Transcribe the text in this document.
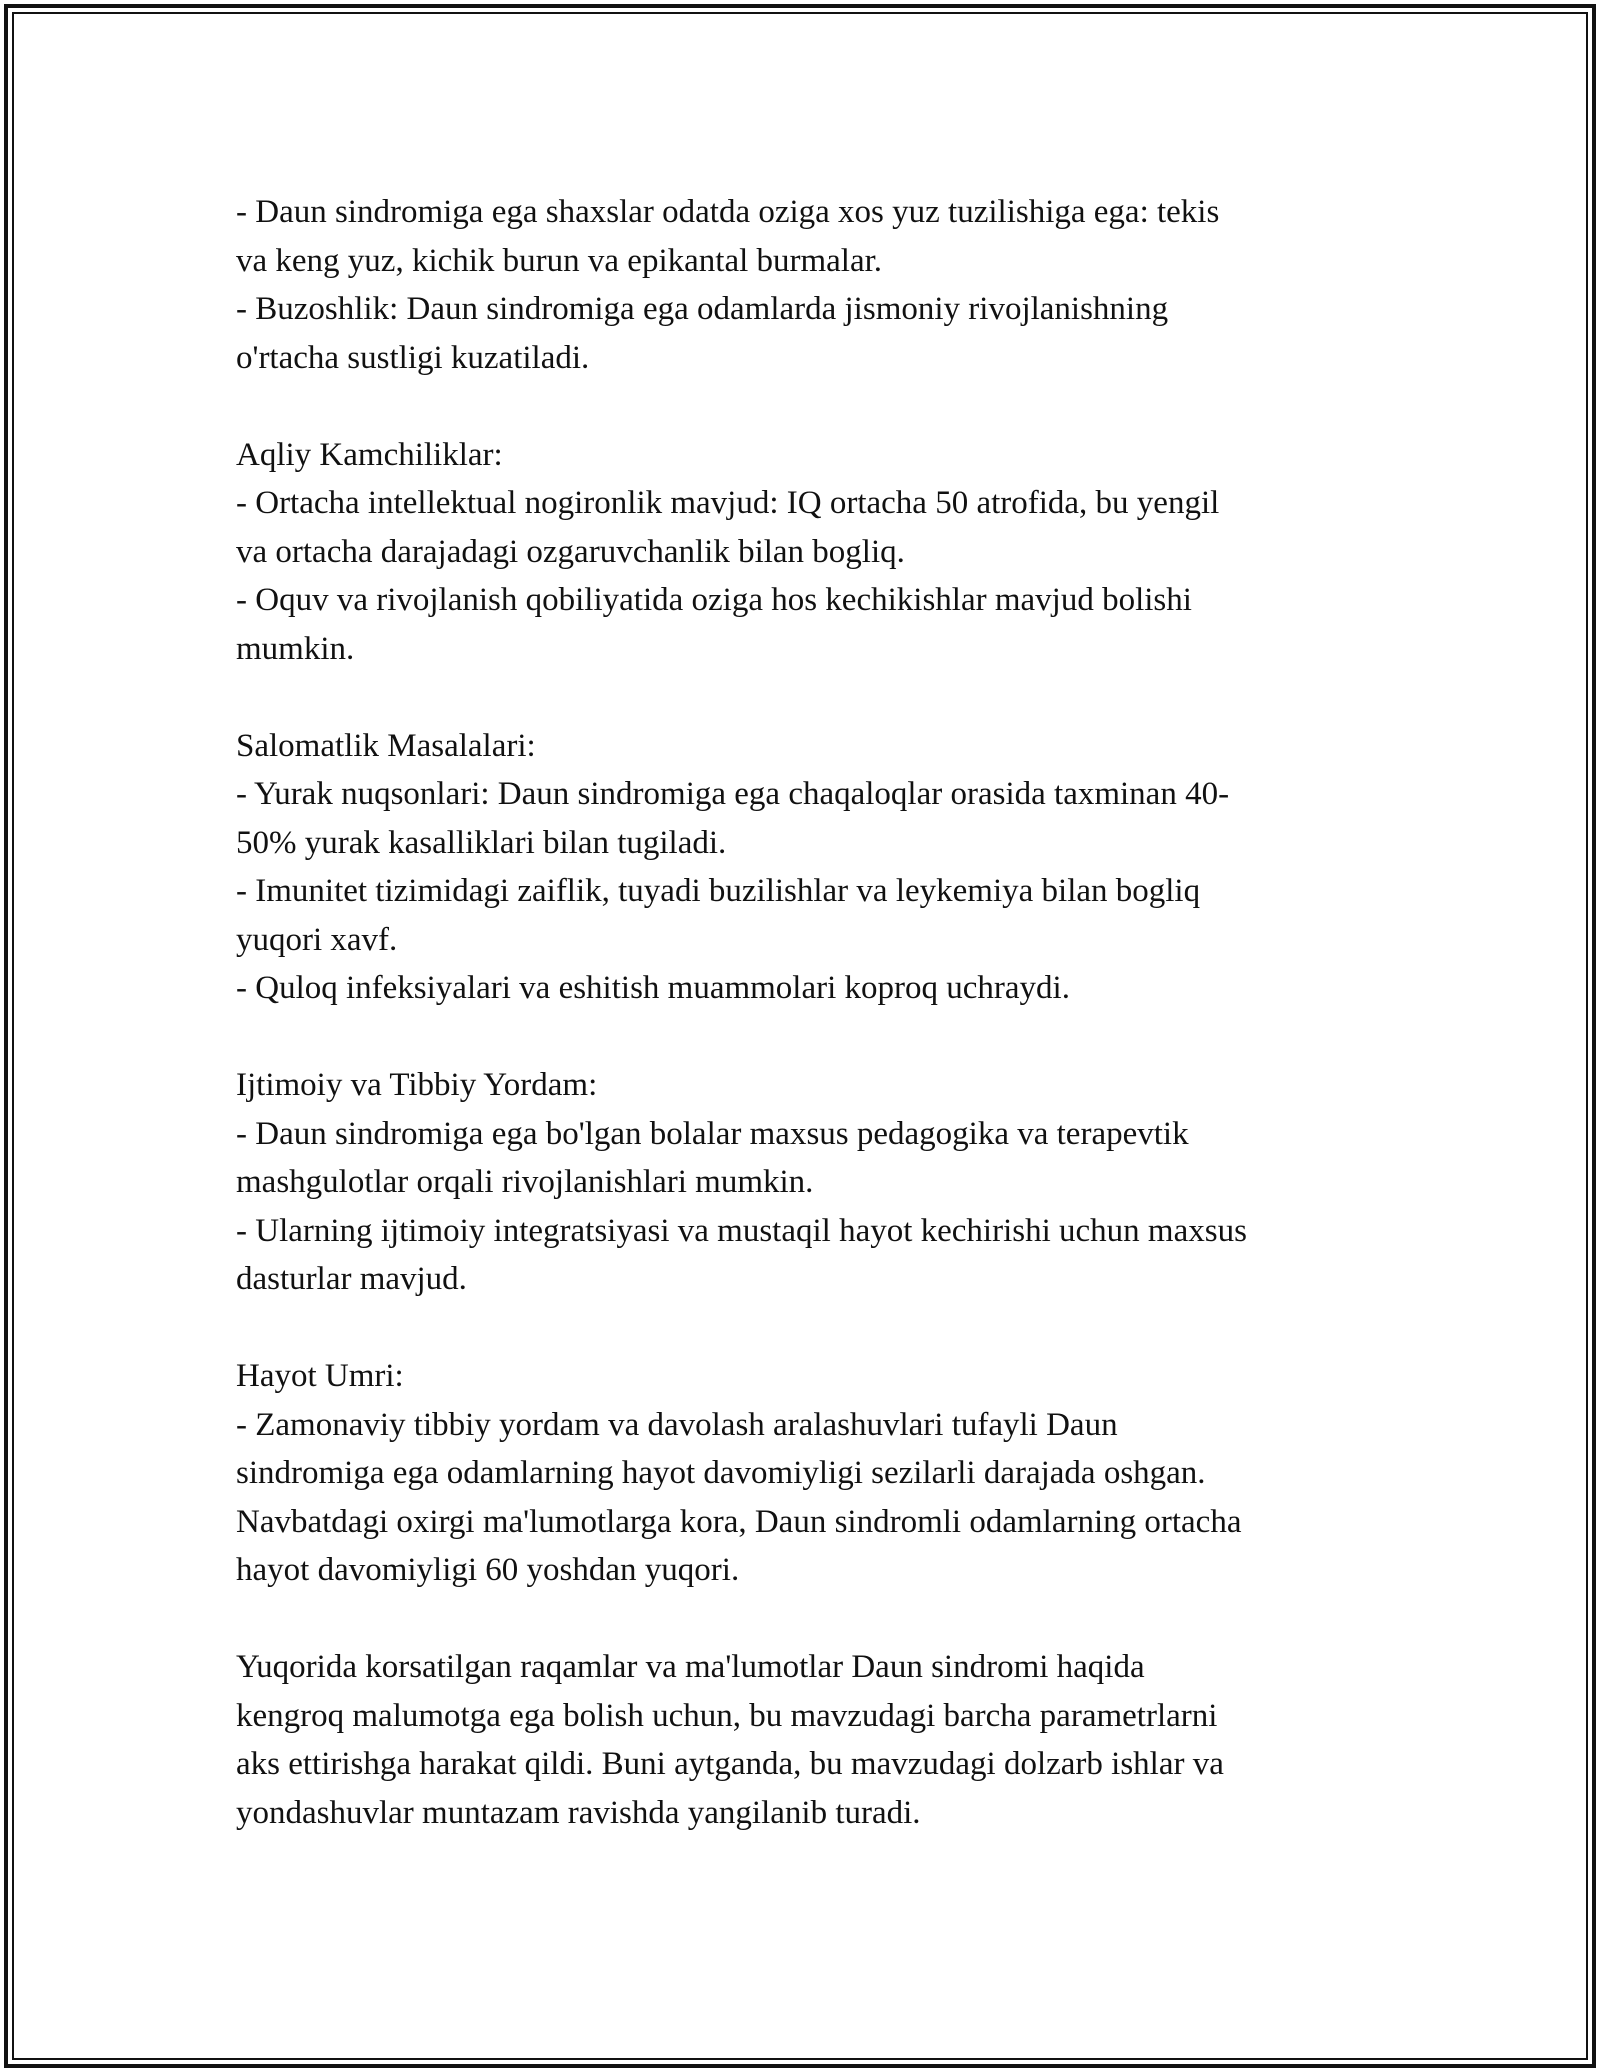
- Daun sindromiga ega shaxslar odatda oziga xos yuz tuzilishiga ega: tekis
va keng yuz, kichik burun va epikantal burmalar.
- Buzoshlik: Daun sindromiga ega odamlarda jismoniy rivojlanishning
o'rtacha sustligi kuzatiladi.
Aqliy Kamchiliklar:
- Ortacha intellektual nogironlik mavjud: IQ ortacha 50 atrofida, bu yengil
va ortacha darajadagi ozgaruvchanlik bilan bogliq.
- Oquv va rivojlanish qobiliyatida oziga hos kechikishlar mavjud bolishi
mumkin.
Salomatlik Masalalari:
- Yurak nuqsonlari: Daun sindromiga ega chaqaloqlar orasida taxminan 40-
50% yurak kasalliklari bilan tugiladi.
- Imunitet tizimidagi zaiflik, tuyadi buzilishlar va leykemiya bilan bogliq
yuqori xavf.
- Quloq infeksiyalari va eshitish muammolari koproq uchraydi.
Ijtimoiy va Tibbiy Yordam:
- Daun sindromiga ega bo'lgan bolalar maxsus pedagogika va terapevtik
mashgulotlar orqali rivojlanishlari mumkin.
- Ularning ijtimoiy integratsiyasi va mustaqil hayot kechirishi uchun maxsus
dasturlar mavjud.
Hayot Umri:
- Zamonaviy tibbiy yordam va davolash aralashuvlari tufayli Daun
sindromiga ega odamlarning hayot davomiyligi sezilarli darajada oshgan.
Navbatdagi oxirgi ma'lumotlarga kora, Daun sindromli odamlarning ortacha
hayot davomiyligi 60 yoshdan yuqori.
Yuqorida korsatilgan raqamlar va ma'lumotlar Daun sindromi haqida
kengroq malumotga ega bolish uchun, bu mavzudagi barcha parametrlarni
aks ettirishga harakat qildi. Buni aytganda, bu mavzudagi dolzarb ishlar va
yondashuvlar muntazam ravishda yangilanib turadi.
